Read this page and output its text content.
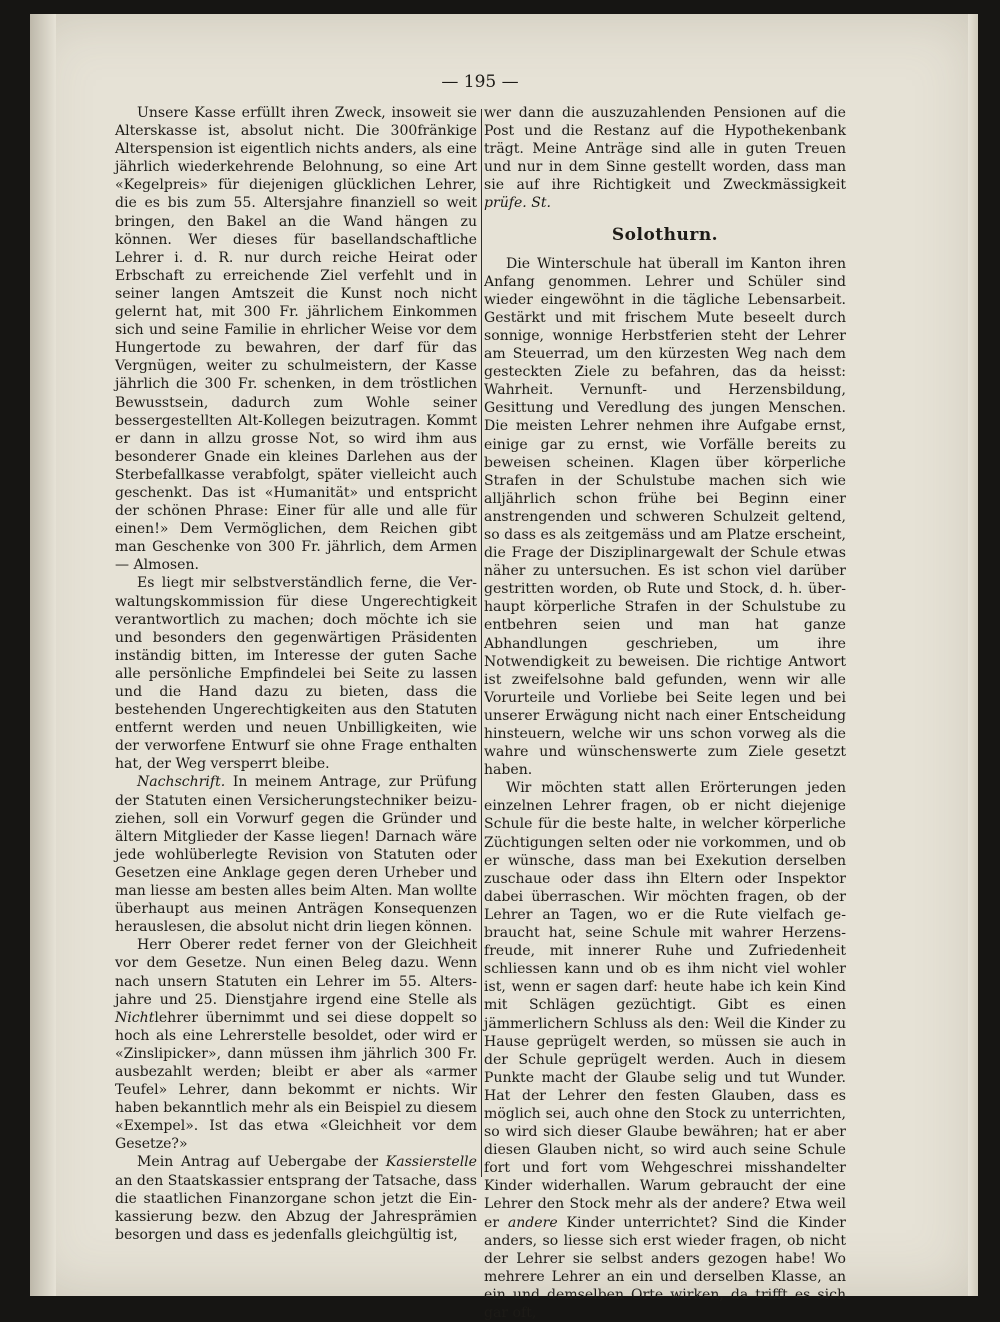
— 195 —

Unsere Kasse erfüllt ihren Zweck, insoweit sie Alterskasse ist, absolut nicht. Die 300fränkige Alterspension ist eigentlich nichts anders, als eine jährlich wiederkehrende Belohnung, so eine Art «Kegelpreis» für diejenigen glücklichen Lehrer, die es bis zum 55. Altersjahre finanziell so weit bringen, den Bakel an die Wand hängen zu können. Wer dieses für basellandschaftliche Lehrer i. d. R. nur durch reiche Heirat oder Erbschaft zu erreichende Ziel verfehlt und in seiner langen Amtszeit die Kunst noch nicht gelernt hat, mit 300 Fr. jährlichem Einkommen sich und seine Familie in ehrlicher Weise vor dem Hungertode zu bewahren, der darf für das Vergnügen, weiter zu schulmeistern, der Kasse jährlich die 300 Fr. schenken, in dem tröstlichen Bewusstsein, dadurch zum Wohle seiner bessergestellten Alt-Kollegen beizutragen. Kommt er dann in allzu grosse Not, so wird ihm aus besonderer Gnade ein kleines Darlehen aus der Sterbefallkasse verabfolgt, später vielleicht auch geschenkt. Das ist «Humanität» und entspricht der schönen Phrase: Einer für alle und alle für einen!» Dem Vermöglichen, dem Reichen gibt man Geschenke von 300 Fr. jährlich, dem Armen — Almosen.

Es liegt mir selbstverständlich ferne, die Verwaltungskommission für diese Ungerechtigkeit verantwortlich zu machen; doch möchte ich sie und besonders den gegenwärtigen Präsidenten inständig bitten, im Interesse der guten Sache alle persönliche Empfindelei bei Seite zu lassen und die Hand dazu zu bieten, dass die bestehenden Ungerechtigkeiten aus den Statuten entfernt werden und neuen Unbilligkeiten, wie der verworfene Entwurf sie ohne Frage enthalten hat, der Weg versperrt bleibe.

Nachschrift. In meinem Antrage, zur Prüfung der Statuten einen Versicherungstechniker beizuziehen, soll ein Vorwurf gegen die Gründer und ältern Mitglieder der Kasse liegen! Darnach wäre jede wohlüberlegte Revision von Statuten oder Gesetzen eine Anklage gegen deren Urheber und man liesse am besten alles beim Alten. Man wollte überhaupt aus meinen Anträgen Konsequenzen herauslesen, die absolut nicht drin liegen können.

Herr Oberer redet ferner von der Gleichheit vor dem Gesetze. Nun einen Beleg dazu. Wenn nach unsern Statuten ein Lehrer im 55. Altersjahre und 25. Dienstjahre irgend eine Stelle als Nichtlehrer übernimmt und sei diese doppelt so hoch als eine Lehrerstelle besoldet, oder wird er «Zinslipicker», dann müssen ihm jährlich 300 Fr. ausbezahlt werden; bleibt er aber als «armer Teufel» Lehrer, dann bekommt er nichts. Wir haben bekanntlich mehr als ein Beispiel zu diesem «Exempel». Ist das etwa «Gleichheit vor dem Gesetze?»

Mein Antrag auf Uebergabe der Kassierstelle an den Staatskassier entsprang der Tatsache, dass die staatlichen Finanzorgane schon jetzt die Einkassierung bezw. den Abzug der Jahresprämien besorgen und dass es jedenfalls gleichgültig ist,

wer dann die auszuzahlenden Pensionen auf die Post und die Restanz auf die Hypothekenbank trägt. Meine Anträge sind alle in guten Treuen und nur in dem Sinne gestellt worden, dass man sie auf ihre Richtigkeit und Zweckmässigkeit prüfe. St.

Solothurn.

Die Winterschule hat überall im Kanton ihren Anfang genommen. Lehrer und Schüler sind wieder eingewöhnt in die tägliche Lebensarbeit. Gestärkt und mit frischem Mute beseelt durch sonnige, wonnige Herbstferien steht der Lehrer am Steuerrad, um den kürzesten Weg nach dem gesteckten Ziele zu befahren, das da heisst: Wahrheit. Vernunft- und Herzensbildung, Gesittung und Veredlung des jungen Menschen. Die meisten Lehrer nehmen ihre Aufgabe ernst, einige gar zu ernst, wie Vorfälle bereits zu beweisen scheinen. Klagen über körperliche Strafen in der Schulstube machen sich wie alljährlich schon frühe bei Beginn einer anstrengenden und schweren Schulzeit geltend, so dass es als zeitgemäss und am Platze erscheint, die Frage der Disziplinargewalt der Schule etwas näher zu untersuchen. Es ist schon viel darüber gestritten worden, ob Rute und Stock, d. h. überhaupt körperliche Strafen in der Schulstube zu entbehren seien und man hat ganze Abhandlungen geschrieben, um ihre Notwendigkeit zu beweisen. Die richtige Antwort ist zweifelsohne bald gefunden, wenn wir alle Vorurteile und Vorliebe bei Seite legen und bei unserer Erwägung nicht nach einer Entscheidung hinsteuern, welche wir uns schon vorweg als die wahre und wünschenswerte zum Ziele gesetzt haben.

Wir möchten statt allen Erörterungen jeden einzelnen Lehrer fragen, ob er nicht diejenige Schule für die beste halte, in welcher körperliche Züchtigungen selten oder nie vorkommen, und ob er wünsche, dass man bei Exekution derselben zuschaue oder dass ihn Eltern oder Inspektor dabei überraschen. Wir möchten fragen, ob der Lehrer an Tagen, wo er die Rute vielfach gebraucht hat, seine Schule mit wahrer Herzensfreude, mit innerer Ruhe und Zufriedenheit schliessen kann und ob es ihm nicht viel wohler ist, wenn er sagen darf: heute habe ich kein Kind mit Schlägen gezüchtigt. Gibt es einen jämmerlichern Schluss als den: Weil die Kinder zu Hause geprügelt werden, so müssen sie auch in der Schule geprügelt werden. Auch in diesem Punkte macht der Glaube selig und tut Wunder. Hat der Lehrer den festen Glauben, dass es möglich sei, auch ohne den Stock zu unterrichten, so wird sich dieser Glaube bewähren; hat er aber diesen Glauben nicht, so wird auch seine Schule fort und fort vom Wehgeschrei misshandelter Kinder widerhallen. Warum gebraucht der eine Lehrer den Stock mehr als der andere? Etwa weil er andere Kinder unterrichtet? Sind die Kinder anders, so liesse sich erst wieder fragen, ob nicht der Lehrer sie selbst anders gezogen habe! Wo mehrere Lehrer an ein und derselben Klasse, an ein und demselben Orte wirken, da trifft es sich gar oft,
